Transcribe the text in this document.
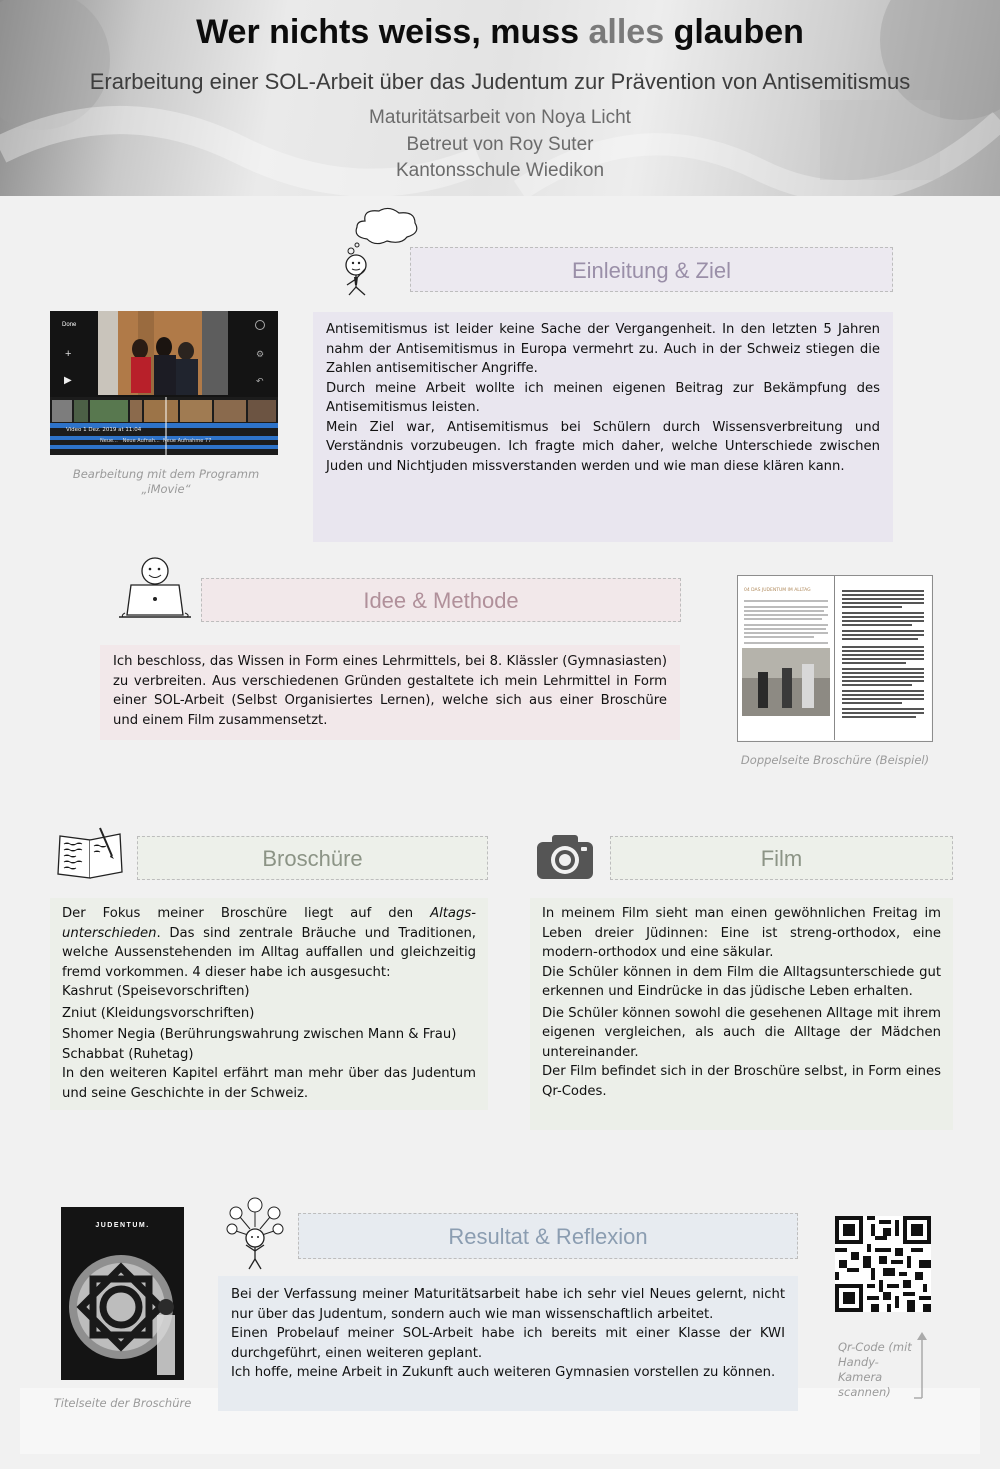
Wer nichts weiss, muss alles glauben
Erarbeitung einer SOL-Arbeit über das Judentum zur Prävention von Antisemitismus
Maturitätsarbeit von Noya Licht
Betreut von Roy Suter
Kantonsschule Wiedikon
Einleitung & Ziel
Done
+
▶
⚙
↶
Video 1 Dez. 2019 at 11:04
Neue...   Neue Aufnah...  Neue Aufnahme 77
Bearbeitung mit dem Programm
„iMovie“

Antisemitismus ist leider keine Sache der Vergangenheit. In den letzten 5 Jahren nahm der Antisemitismus in Europa vermehrt zu. Auch in der Schweiz stiegen die Zahlen antisemitischer Angriffe.

Durch meine Arbeit wollte ich meinen eigenen Beitrag zur Bekämpfung des Antisemitismus leisten.

Mein Ziel war, Antisemitismus bei Schülern durch Wissensverbreitung und Verständnis vorzubeugen. Ich fragte mich daher, welche Unterschiede zwischen Juden und Nichtjuden missverstanden werden und wie man diese klären kann.

Idee & Methode

Ich beschloss, das Wissen in Form eines Lehrmittels, bei 8. Klässler (Gymnasiasten) zu verbreiten. Aus verschiedenen Gründen gestaltete ich mein Lehrmittel in Form einer SOL-Arbeit (Selbst Organisiertes Lernen), welche sich aus einer Broschüre und einem Film zusammensetzt.

04 DAS JUDENTUM IM ALLTAG
Doppelseite Broschüre (Beispiel)
Broschüre

Der Fokus meiner Broschüre liegt auf den Altags-unterschieden. Das sind zentrale Bräuche und Traditionen, welche Aussenstehenden im Alltag auffallen und gleichzeitig fremd vorkommen. 4 dieser habe ich ausgesucht:

Kashrut (Speisevorschriften)

Zniut (Kleidungsvorschriften)

Shomer Negia (Berührungswahrung zwischen Mann & Frau)

Schabbat (Ruhetag)

In den weiteren Kapitel erfährt man mehr über das Judentum und seine Geschichte in der Schweiz.

Film

In meinem Film sieht man einen gewöhnlichen Freitag im Leben dreier Jüdinnen: Eine ist streng-orthodox, eine modern-orthodox und eine säkular.

Die Schüler können in dem Film die Alltagsunterschiede gut erkennen und Eindrücke in das jüdische Leben erhalten.

Die Schüler können sowohl die gesehenen Alltage mit ihrem eigenen vergleichen, als auch die Alltage der Mädchen untereinander.

Der Film befindet sich in der Broschüre selbst, in Form eines Qr-Codes.

JUDENTUM.
Titelseite der Broschüre
Resultat & Reflexion

Bei der Verfassung meiner Maturitätsarbeit habe ich sehr viel Neues gelernt, nicht nur über das Judentum, sondern auch wie man wissenschaftlich arbeitet.

Einen Probelauf meiner SOL-Arbeit habe ich bereits mit einer Klasse der KWI durchgeführt, einen weiteren geplant.

Ich hoffe, meine Arbeit in Zukunft auch weiteren Gymnasien vorstellen zu können.

Qr-Code (mit Handy-Kamera scannen)
